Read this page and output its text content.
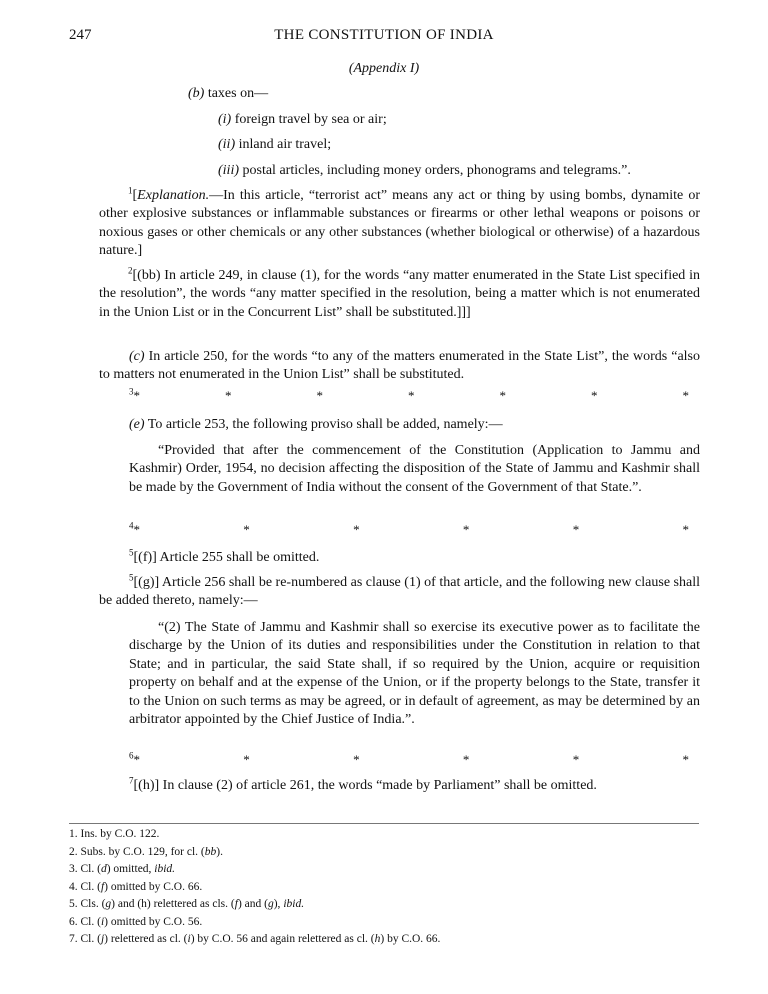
247	THE CONSTITUTION OF INDIA
(Appendix I)
(b) taxes on—
(i) foreign travel by sea or air;
(ii) inland air travel;
(iii) postal articles, including money orders, phonograms and telegrams.”.
$^1$[Explanation.—In this article, “terrorist act” means any act or thing by using bombs, dynamite or other explosive substances or inflammable substances or firearms or other lethal weapons or poisons or noxious gases or other chemicals or any other substances (whether biological or otherwise) of a hazardous nature.]
$^2$[(bb) In article 249, in clause (1), for the words “any matter enumerated in the State List specified in the resolution”, the words “any matter specified in the resolution, being a matter which is not enumerated in the Union List or in the Concurrent List” shall be substituted.]]]
(c) In article 250, for the words “to any of the matters enumerated in the State List”, the words “also to matters not enumerated in the Union List” shall be substituted.
$^3$*	*	*	*	*	*	*
(e) To article 253, the following proviso shall be added, namely:—
“Provided that after the commencement of the Constitution (Application to Jammu and Kashmir) Order, 1954, no decision affecting the disposition of the State of Jammu and Kashmir shall be made by the Government of India without the consent of the Government of that State.”.
$^4$*	*	*	*	*	*
$^5$[(f)] Article 255 shall be omitted.
$^5$[(g)] Article 256 shall be re-numbered as clause (1) of that article, and the following new clause shall be added thereto, namely:—
“(2) The State of Jammu and Kashmir shall so exercise its executive power as to facilitate the discharge by the Union of its duties and responsibilities under the Constitution in relation to that State; and in particular, the said State shall, if so required by the Union, acquire or requisition property on behalf and at the expense of the Union, or if the property belongs to the State, transfer it to the Union on such terms as may be agreed, or in default of agreement, as may be determined by an arbitrator appointed by the Chief Justice of India.”.
$^6$*	*	*	*	*	*
$^7$[(h)] In clause (2) of article 261, the words “made by Parliament” shall be omitted.
1. Ins. by C.O. 122.
2. Subs. by C.O. 129, for cl. (bb).
3. Cl. (d) omitted, ibid.
4. Cl. (f) omitted by C.O. 66.
5. Cls. (g) and (h) relettered as cls. (f) and (g), ibid.
6. Cl. (i) omitted by C.O. 56.
7. Cl. (j) relettered as cl. (i) by C.O. 56 and again relettered as cl. (h) by C.O. 66.
